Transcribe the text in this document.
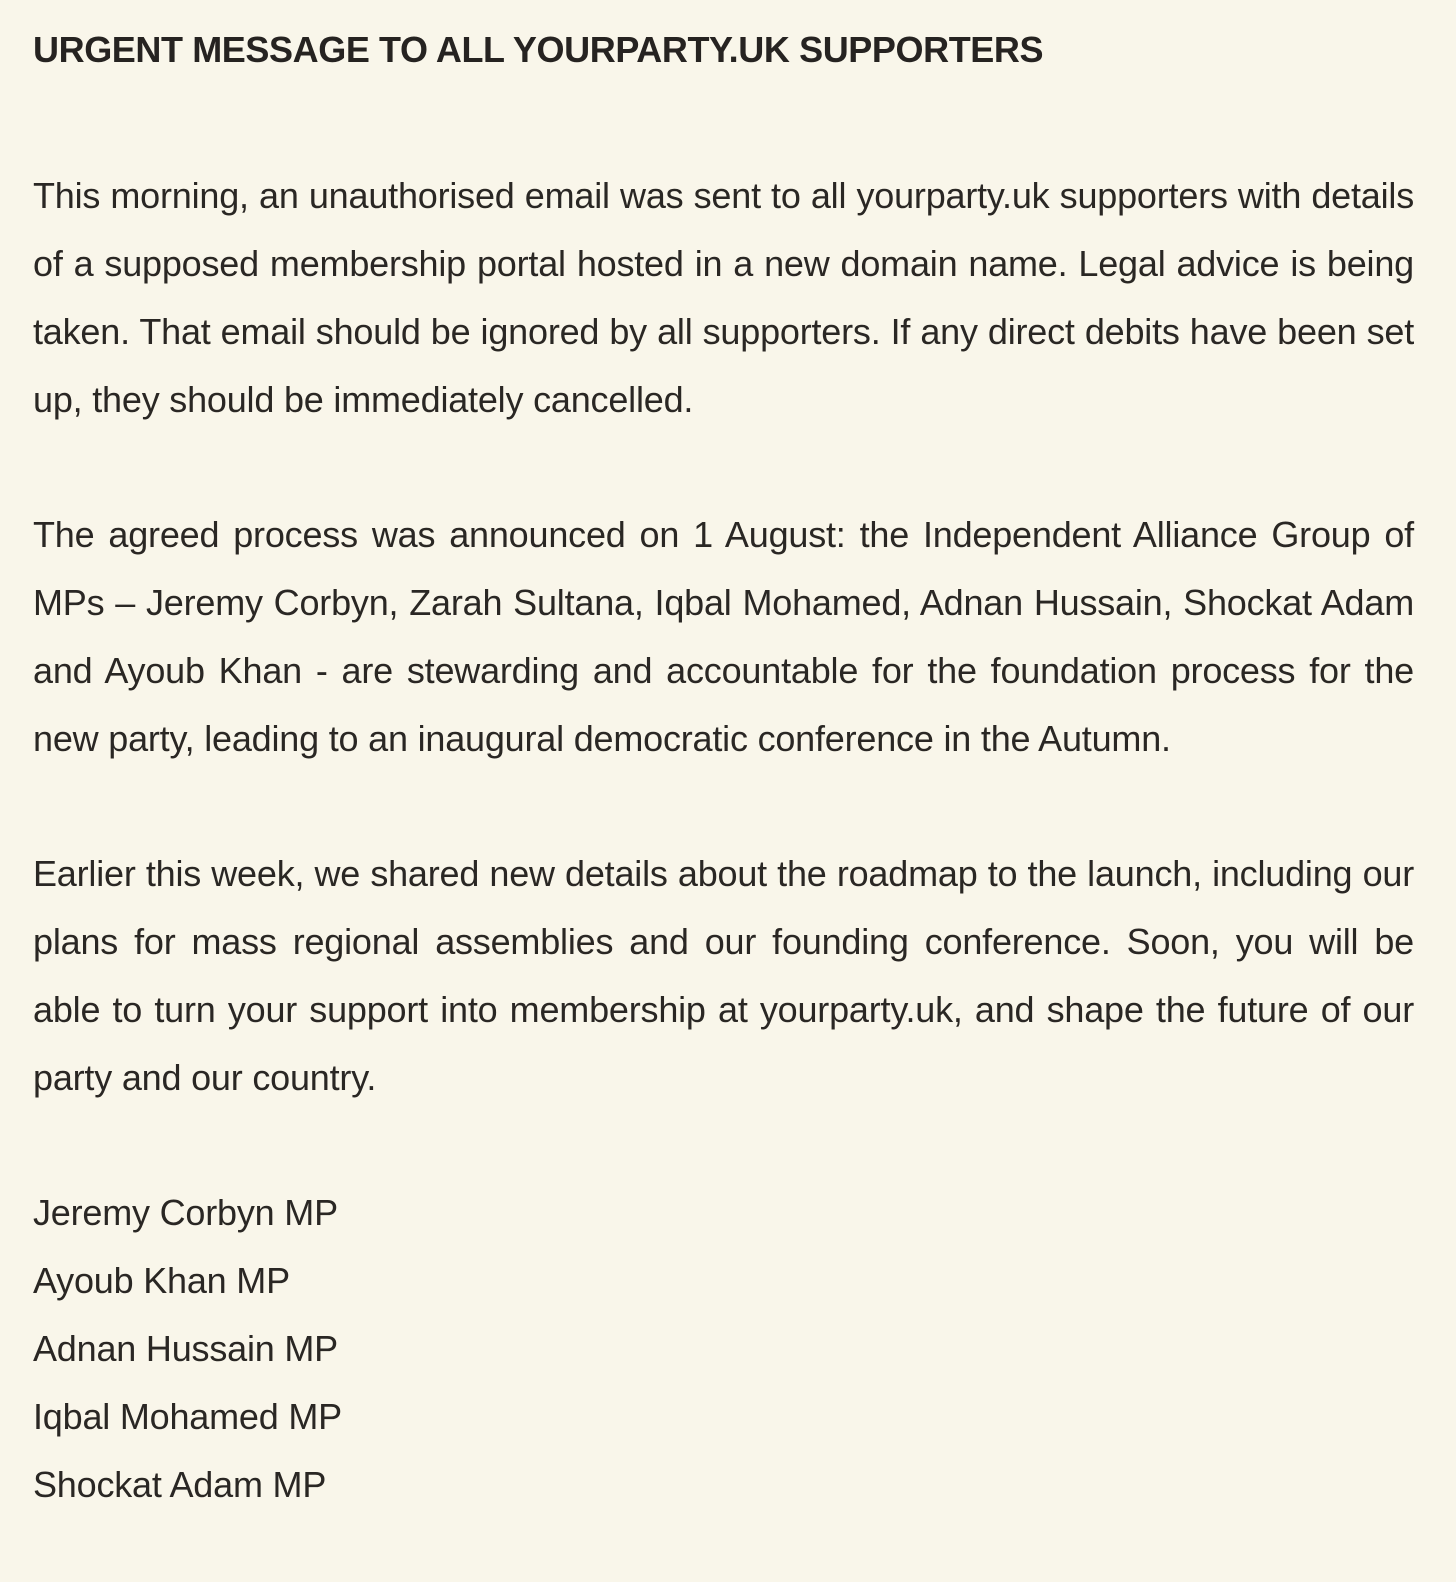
URGENT MESSAGE TO ALL YOURPARTY.UK SUPPORTERS

This morning, an unauthorised email was sent to all yourparty.uk supporters with details of a supposed membership portal hosted in a new domain name. Legal advice is being taken. That email should be ignored by all supporters. If any direct debits have been set up, they should be immediately cancelled.

The agreed process was announced on 1 August: the Independent Alliance Group of MPs – Jeremy Corbyn, Zarah Sultana, Iqbal Mohamed, Adnan Hussain, Shockat Adam and Ayoub Khan - are stewarding and accountable for the foundation process for the new party, leading to an inaugural democratic conference in the Autumn.

Earlier this week, we shared new details about the roadmap to the launch, including our plans for mass regional assemblies and our founding conference. Soon, you will be able to turn your support into membership at yourparty.uk, and shape the future of our party and our country.

Jeremy Corbyn MP
Ayoub Khan MP
Adnan Hussain MP
Iqbal Mohamed MP
Shockat Adam MP
